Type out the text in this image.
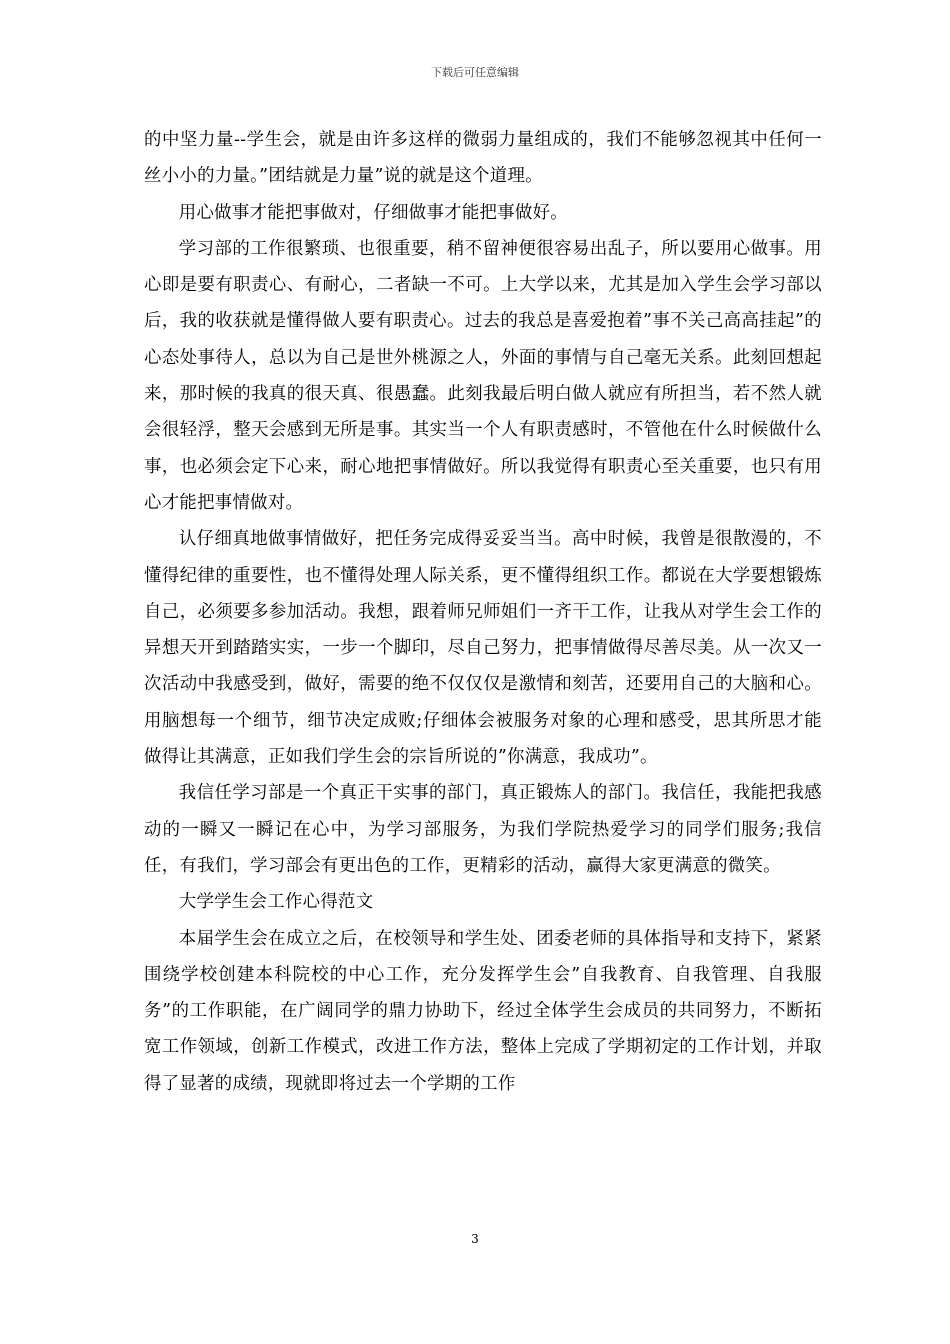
下载后可任意编辑

的中坚力量--学生会，就是由许多这样的微弱力量组成的，我们不能够忽视其中任何一丝小小的力量。”团结就是力量”说的就是这个道理。

用心做事才能把事做对，仔细做事才能把事做好。

学习部的工作很繁琐、也很重要，稍不留神便很容易出乱子，所以要用心做事。用心即是要有职责心、有耐心，二者缺一不可。上大学以来，尤其是加入学生会学习部以后，我的收获就是懂得做人要有职责心。过去的我总是喜爱抱着”事不关己高高挂起”的心态处事待人，总以为自己是世外桃源之人，外面的事情与自己毫无关系。此刻回想起来，那时候的我真的很天真、很愚蠢。此刻我最后明白做人就应有所担当，若不然人就会很轻浮，整天会感到无所是事。其实当一个人有职责感时，不管他在什么时候做什么事，也必须会定下心来，耐心地把事情做好。所以我觉得有职责心至关重要，也只有用心才能把事情做对。

认仔细真地做事情做好，把任务完成得妥妥当当。高中时候，我曾是很散漫的，不懂得纪律的重要性，也不懂得处理人际关系，更不懂得组织工作。都说在大学要想锻炼自己，必须要多参加活动。我想，跟着师兄师姐们一齐干工作，让我从对学生会工作的异想天开到踏踏实实，一步一个脚印，尽自己努力，把事情做得尽善尽美。从一次又一次活动中我感受到，做好，需要的绝不仅仅仅是激情和刻苦，还要用自己的大脑和心。用脑想每一个细节，细节决定成败;仔细体会被服务对象的心理和感受，思其所思才能做得让其满意，正如我们学生会的宗旨所说的”你满意，我成功”。

我信任学习部是一个真正干实事的部门，真正锻炼人的部门。我信任，我能把我感动的一瞬又一瞬记在心中，为学习部服务，为我们学院热爱学习的同学们服务;我信任，有我们，学习部会有更出色的工作，更精彩的活动，赢得大家更满意的微笑。

大学学生会工作心得范文

本届学生会在成立之后，在校领导和学生处、团委老师的具体指导和支持下，紧紧围绕学校创建本科院校的中心工作，充分发挥学生会”自我教育、自我管理、自我服务”的工作职能，在广阔同学的鼎力协助下，经过全体学生会成员的共同努力，不断拓宽工作领域，创新工作模式，改进工作方法，整体上完成了学期初定的工作计划，并取得了显著的成绩，现就即将过去一个学期的工作

3
